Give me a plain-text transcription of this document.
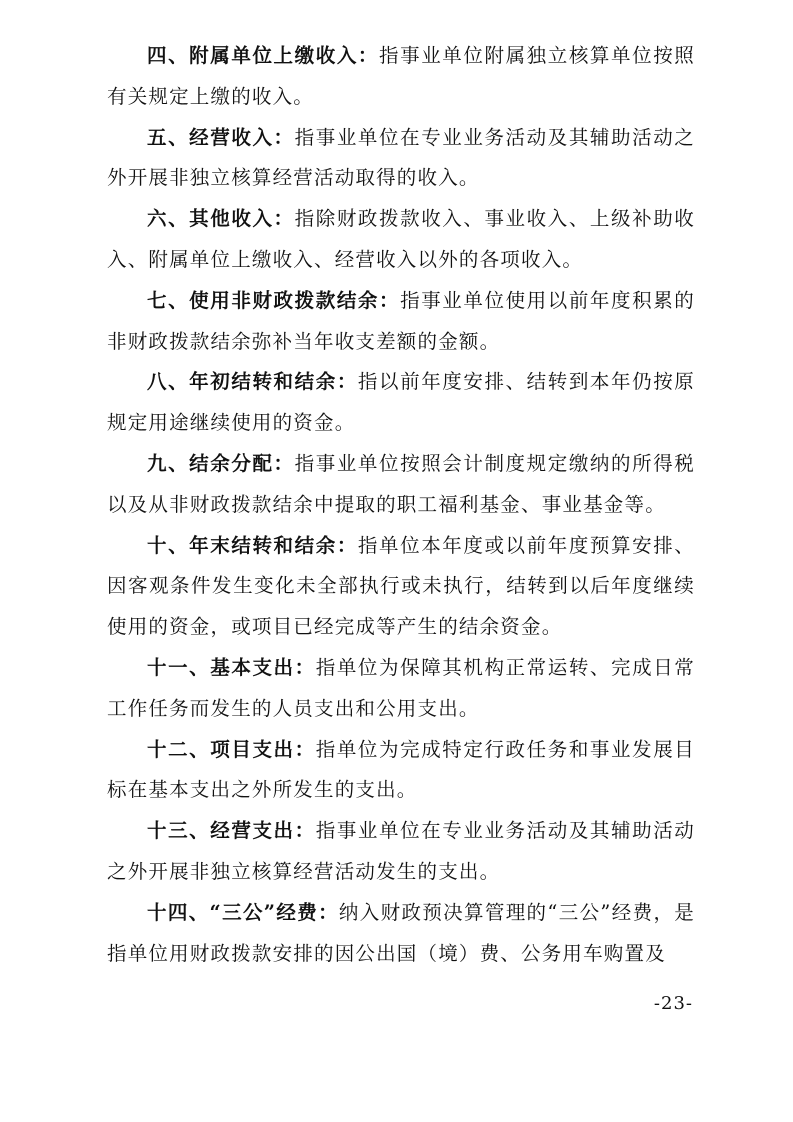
四、附属单位上缴收入：指事业单位附属独立核算单位按照有关规定上缴的收入。

五、经营收入：指事业单位在专业业务活动及其辅助活动之外开展非独立核算经营活动取得的收入。

六、其他收入：指除财政拨款收入、事业收入、上级补助收入、附属单位上缴收入、经营收入以外的各项收入。

七、使用非财政拨款结余：指事业单位使用以前年度积累的非财政拨款结余弥补当年收支差额的金额。

八、年初结转和结余：指以前年度安排、结转到本年仍按原规定用途继续使用的资金。

九、结余分配：指事业单位按照会计制度规定缴纳的所得税以及从非财政拨款结余中提取的职工福利基金、事业基金等。

十、年末结转和结余：指单位本年度或以前年度预算安排、因客观条件发生变化未全部执行或未执行，结转到以后年度继续使用的资金，或项目已经完成等产生的结余资金。

十一、基本支出：指单位为保障其机构正常运转、完成日常工作任务而发生的人员支出和公用支出。

十二、项目支出：指单位为完成特定行政任务和事业发展目标在基本支出之外所发生的支出。

十三、经营支出：指事业单位在专业业务活动及其辅助活动之外开展非独立核算经营活动发生的支出。

十四、“三公”经费：纳入财政预决算管理的“三公”经费，是指单位用财政拨款安排的因公出国（境）费、公务用车购置及

-23-
